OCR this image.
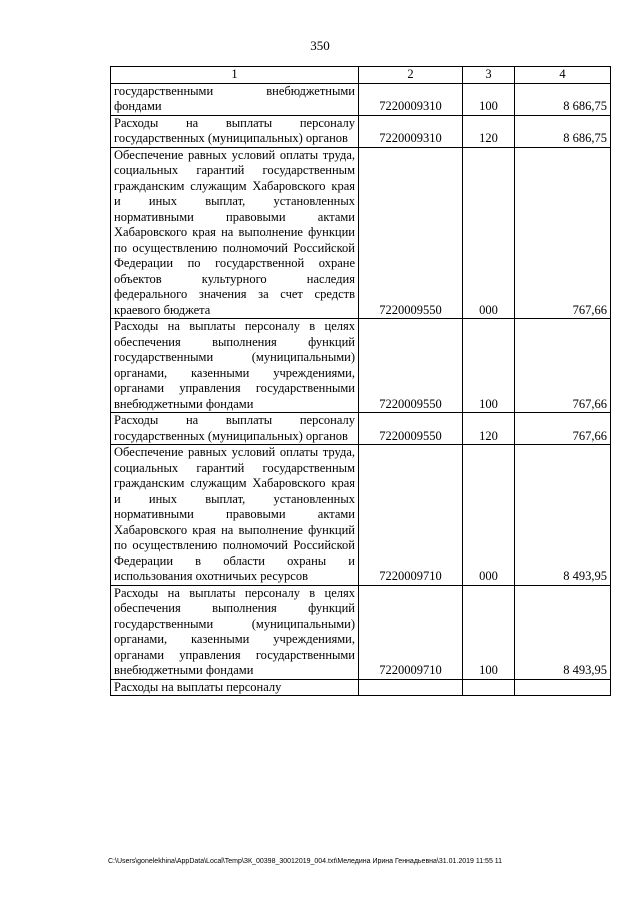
350
1	2	3	4
государственными внебюджетными фондами	7220009310	100	8 686,75
Расходы на выплаты персоналу государственных (муниципальных) органов	7220009310	120	8 686,75
Обеспечение равных условий оплаты труда, социальных гарантий государственным гражданским служащим Хабаровского края и иных выплат, установленных нормативными правовыми актами Хабаровского края на выполнение функции по осуществлению полномочий Российской Федерации по государственной охране объектов культурного наследия федерального значения за счет средств краевого бюджета	7220009550	000	767,66
Расходы на выплаты персоналу в целях обеспечения выполнения функций государственными (муниципальными) органами, казенными учреждениями, органами управления государственными внебюджетными фондами	7220009550	100	767,66
Расходы на выплаты персоналу государственных (муниципальных) органов	7220009550	120	767,66
Обеспечение равных условий оплаты труда, социальных гарантий государственным гражданским служащим Хабаровского края и иных выплат, установленных нормативными правовыми актами Хабаровского края на выполнение функций по осуществлению полномочий Российской Федерации в области охраны и использования охотничьих ресурсов	7220009710	000	8 493,95
Расходы на выплаты персоналу в целях обеспечения выполнения функций государственными (муниципальными) органами, казенными учреждениями, органами управления государственными внебюджетными фондами	7220009710	100	8 493,95
Расходы на выплаты персоналу			
C:\Users\gonelekhina\AppData\Local\Temp\ЗК_00398_30012019_004.txt\Меледина Ирина Геннадьевна\31.01.2019 11:55 11
